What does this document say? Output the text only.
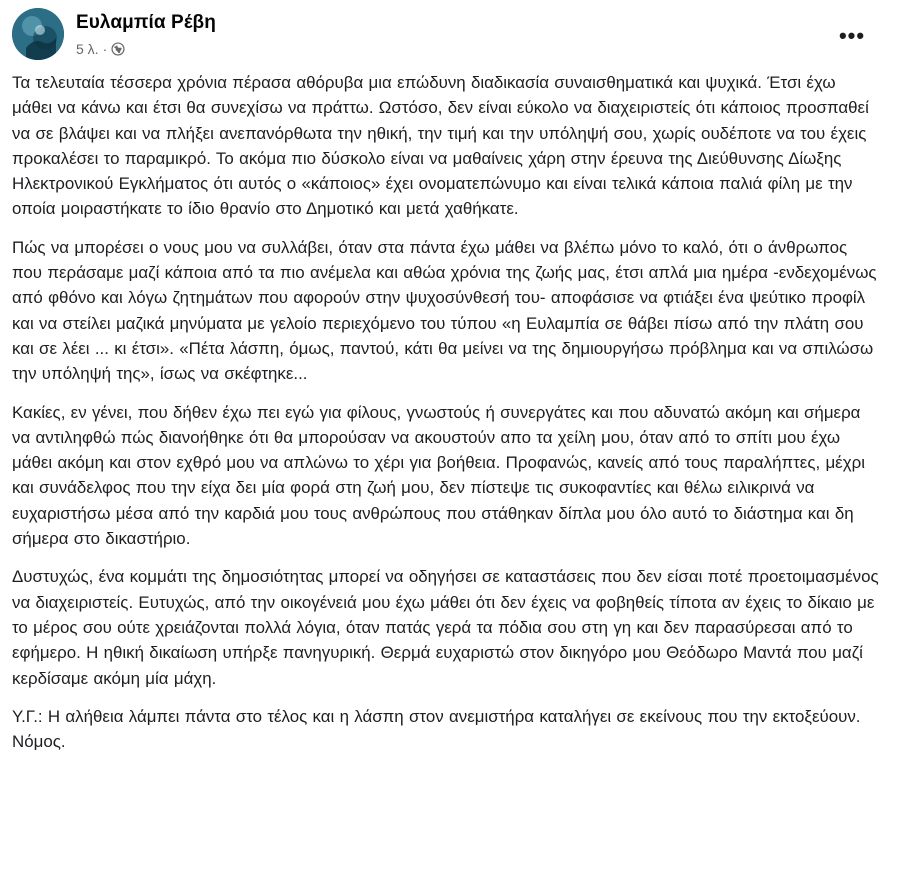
Ευλαμπία Ρέβη
5 λ. ·
•••

Τα τελευταία τέσσερα χρόνια πέρασα αθόρυβα μια επώδυνη διαδικασία συναισθηματικά και ψυχικά. Έτσι έχω μάθει να κάνω και έτσι θα συνεχίσω να πράττω. Ωστόσο, δεν είναι εύκολο να διαχειριστείς ότι κάποιος προσπαθεί να σε βλάψει και να πλήξει ανεπανόρθωτα την ηθική, την τιμή και την υπόληψή σου, χωρίς ουδέποτε να του έχεις προκαλέσει το παραμικρό. Το ακόμα πιο δύσκολο είναι να μαθαίνεις χάρη στην έρευνα της Διεύθυνσης Δίωξης Ηλεκτρονικού Εγκλήματος ότι αυτός ο «κάποιος» έχει ονοματεπώνυμο και είναι τελικά κάποια παλιά φίλη με την οποία μοιραστήκατε το ίδιο θρανίο στο Δημοτικό και μετά χαθήκατε.

Πώς να μπορέσει ο νους μου να συλλάβει, όταν στα πάντα έχω μάθει να βλέπω μόνο το καλό, ότι ο άνθρωπος που περάσαμε μαζί κάποια από τα πιο ανέμελα και αθώα χρόνια της ζωής μας, έτσι απλά μια ημέρα -ενδεχομένως από φθόνο και λόγω ζητημάτων που αφορούν στην ψυχοσύνθεσή του- αποφάσισε να φτιάξει ένα ψεύτικο προφίλ και να στείλει μαζικά μηνύματα με γελοίο περιεχόμενο του τύπου «η Ευλαμπία σε θάβει πίσω από την πλάτη σου και σε λέει ... κι έτσι». «Πέτα λάσπη, όμως, παντού, κάτι θα μείνει να της δημιουργήσω πρόβλημα και να σπιλώσω την υπόληψή της», ίσως να σκέφτηκε...

Κακίες, εν γένει, που δήθεν έχω πει εγώ για φίλους, γνωστούς ή συνεργάτες και που αδυνατώ ακόμη και σήμερα να αντιληφθώ πώς διανοήθηκε ότι θα μπορούσαν να ακουστούν απο τα χείλη μου, όταν από το σπίτι μου έχω μάθει ακόμη και στον εχθρό μου να απλώνω το χέρι για βοήθεια. Προφανώς, κανείς από τους παραλήπτες, μέχρι και συνάδελφος που την είχα δει μία φορά στη ζωή μου, δεν πίστεψε τις συκοφαντίες και θέλω ειλικρινά να ευχαριστήσω μέσα από την καρδιά μου τους ανθρώπους που στάθηκαν δίπλα μου όλο αυτό το διάστημα και δη σήμερα στο δικαστήριο.

Δυστυχώς, ένα κομμάτι της δημοσιότητας μπορεί να οδηγήσει σε καταστάσεις που δεν είσαι ποτέ προετοιμασμένος να διαχειριστείς. Ευτυχώς, από την οικογένειά μου έχω μάθει ότι δεν έχεις να φοβηθείς τίποτα αν έχεις το δίκαιο με το μέρος σου ούτε χρειάζονται πολλά λόγια, όταν πατάς γερά τα πόδια σου στη γη και δεν παρασύρεσαι από το εφήμερο. Η ηθική δικαίωση υπήρξε πανηγυρική. Θερμά ευχαριστώ στον δικηγόρο μου Θεόδωρο Μαντά που μαζί κερδίσαμε ακόμη μία μάχη.

Υ.Γ.: Η αλήθεια λάμπει πάντα στο τέλος και η λάσπη στον ανεμιστήρα καταλήγει σε εκείνους που την εκτοξεύουν. Νόμος.
